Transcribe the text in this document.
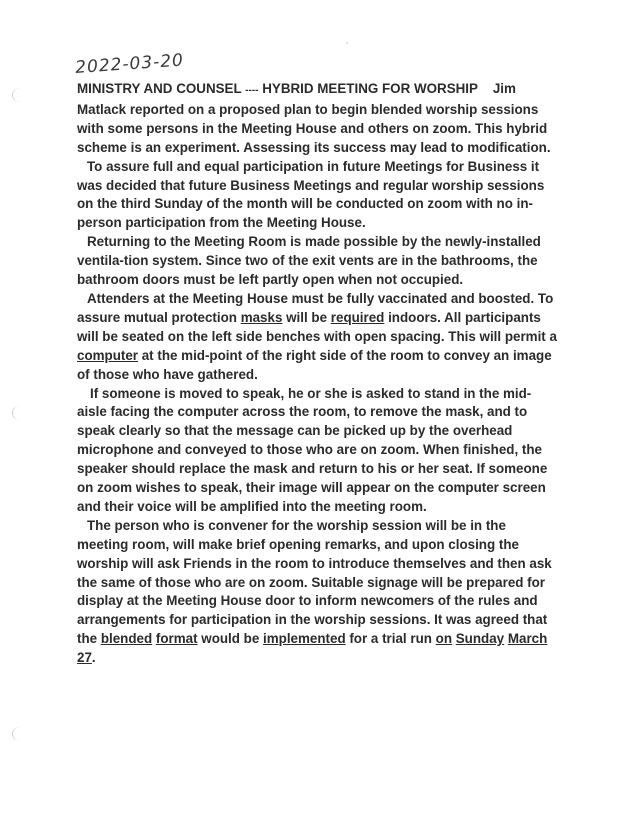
2022-03-20

MINISTRY AND COUNSEL ---- HYBRID MEETING FOR WORSHIP Jim Matlack reported on a proposed plan to begin blended worship sessions with some persons in the Meeting House and others on zoom. This hybrid scheme is an experiment. Assessing its success may lead to modification.

To assure full and equal participation in future Meetings for Business it was decided that future Business Meetings and regular worship sessions on the third Sunday of the month will be conducted on zoom with no in-person participation from the Meeting House.

Returning to the Meeting Room is made possible by the newly-installed ventila-tion system. Since two of the exit vents are in the bathrooms, the bathroom doors must be left partly open when not occupied.

Attenders at the Meeting House must be fully vaccinated and boosted. To assure mutual protection masks will be required indoors. All participants will be seated on the left side benches with open spacing. This will permit a computer at the mid-point of the right side of the room to convey an image of those who have gathered.

If someone is moved to speak, he or she is asked to stand in the mid-aisle facing the computer across the room, to remove the mask, and to speak clearly so that the message can be picked up by the overhead microphone and conveyed to those who are on zoom. When finished, the speaker should replace the mask and return to his or her seat. If someone on zoom wishes to speak, their image will appear on the computer screen and their voice will be amplified into the meeting room.

The person who is convener for the worship session will be in the meeting room, will make brief opening remarks, and upon closing the worship will ask Friends in the room to introduce themselves and then ask the same of those who are on zoom. Suitable signage will be prepared for display at the Meeting House door to inform newcomers of the rules and arrangements for participation in the worship sessions. It was agreed that the blended format would be implemented for a trial run on Sunday March 27.
